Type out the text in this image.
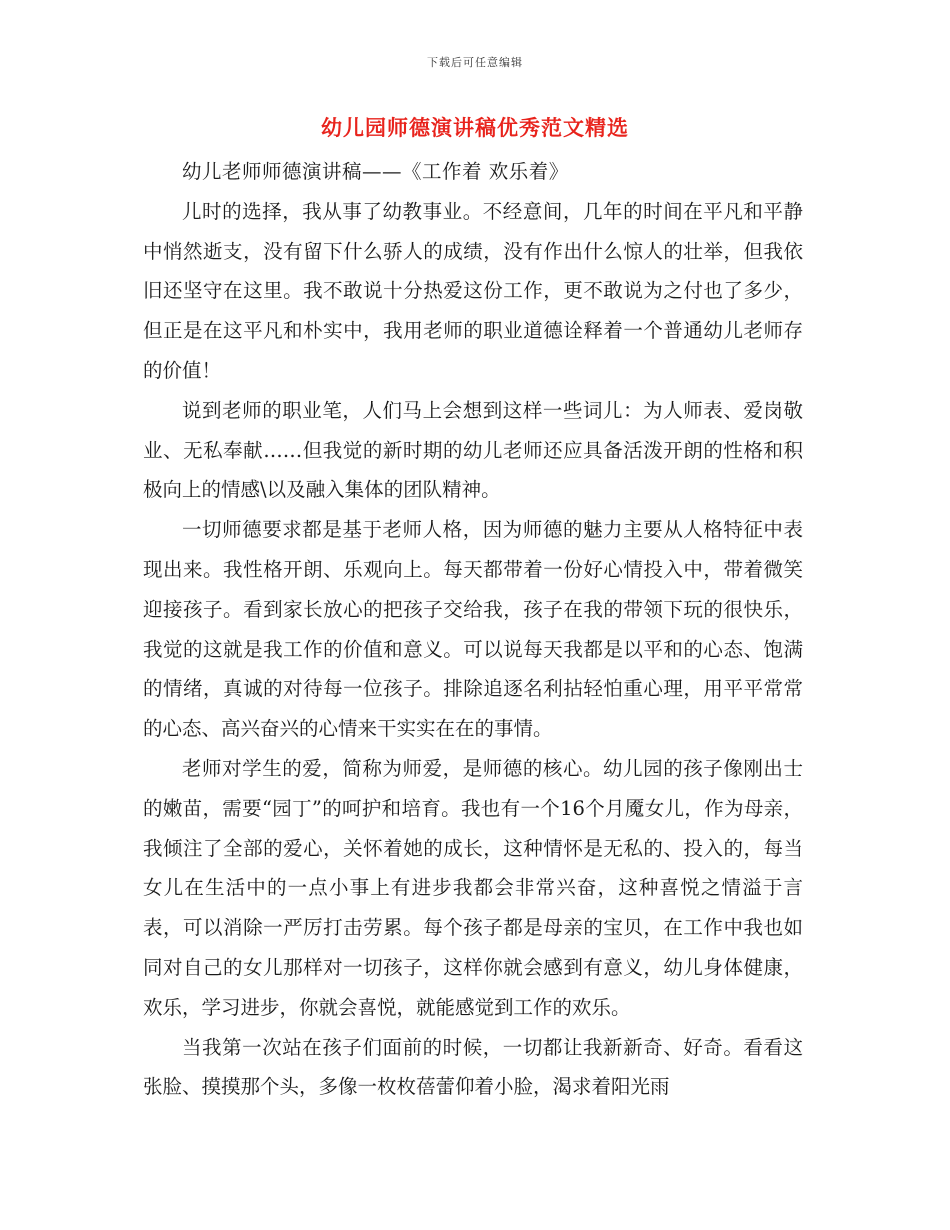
下载后可任意编辑
幼儿园师德演讲稿优秀范文精选

幼儿老师师德演讲稿——《工作着 欢乐着》

儿时的选择，我从事了幼教事业。不经意间，几年的时间在平凡和平静中悄然逝支，没有留下什么骄人的成绩，没有作出什么惊人的壮举，但我依旧还坚守在这里。我不敢说十分热爱这份工作，更不敢说为之付也了多少，但正是在这平凡和朴实中，我用老师的职业道德诠释着一个普通幼儿老师存的价值！

说到老师的职业笔，人们马上会想到这样一些词儿：为人师表、爱岗敬业、无私奉献……但我觉的新时期的幼儿老师还应具备活泼开朗的性格和积极向上的情感\以及融入集体的团队精神。

一切师德要求都是基于老师人格，因为师德的魅力主要从人格特征中表现出来。我性格开朗、乐观向上。每天都带着一份好心情投入中，带着微笑迎接孩子。看到家长放心的把孩子交给我，孩子在我的带领下玩的很快乐，我觉的这就是我工作的价值和意义。可以说每天我都是以平和的心态、饱满的情绪，真诚的对待每一位孩子。排除追逐名利拈轻怕重心理，用平平常常的心态、高兴奋兴的心情来干实实在在的事情。

老师对学生的爱，简称为师爱，是师德的核心。幼儿园的孩子像刚出士的嫩苗，需要“园丁”的呵护和培育。我也有一个16个月魇女儿，作为母亲，我倾注了全部的爱心，关怀着她的成长，这种情怀是无私的、投入的，每当女儿在生活中的一点小事上有进步我都会非常兴奋，这种喜悦之情溢于言表，可以消除一严厉打击劳累。每个孩子都是母亲的宝贝，在工作中我也如同对自己的女儿那样对一切孩子，这样你就会感到有意义，幼儿身体健康，欢乐，学习进步，你就会喜悦，就能感觉到工作的欢乐。

当我第一次站在孩子们面前的时候，一切都让我新新奇、好奇。看看这张脸、摸摸那个头，多像一枚枚蓓蕾仰着小脸，渴求着阳光雨
